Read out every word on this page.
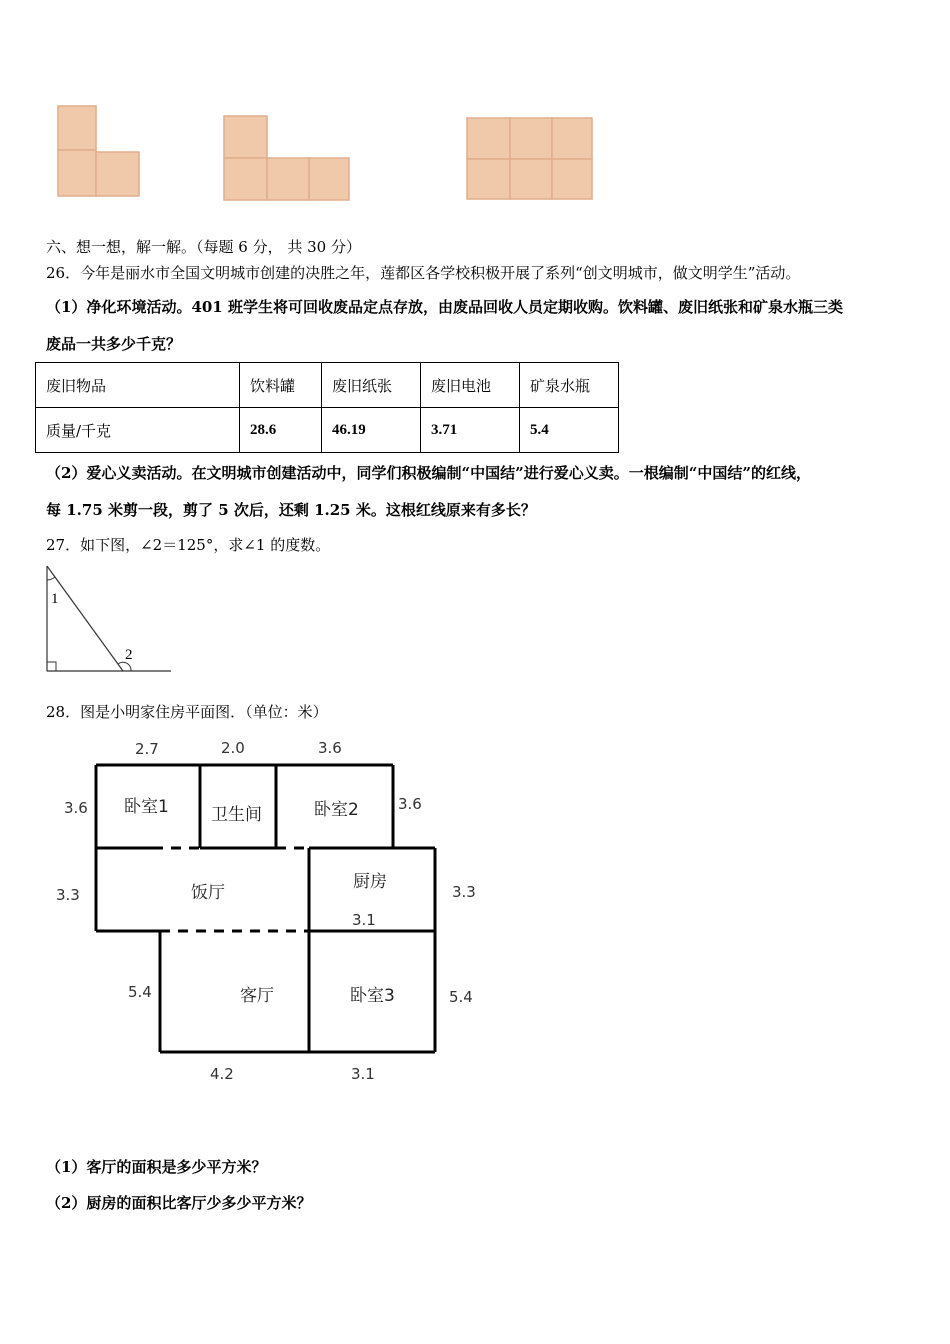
六、想一想，解一解。（每题 6 分， 共 30 分）
26．今年是丽水市全国文明城市创建的决胜之年，莲都区各学校积极开展了系列“创文明城市，做文明学生”活动。
（1）净化环境活动。401 班学生将可回收废品定点存放，由废品回收人员定期收购。饮料罐、废旧纸张和矿泉水瓶三类
废品一共多少千克？
废旧物品	饮料罐	废旧纸张	废旧电池	矿泉水瓶
质量/千克	28.6	46.19	3.71	5.4
（2）爱心义卖活动。在文明城市创建活动中，同学们积极编制“中国结”进行爱心义卖。一根编制“中国结”的红线，
每 1.75 米剪一段，剪了 5 次后，还剩 1.25 米。这根红线原来有多长？
27．如下图，∠2＝125°，求∠1 的度数。
1
2
28．图是小明家住房平面图．（单位：米）
2.7	2.0	3.6
3.6	3.6
3.3	3.3
3.1
5.4	5.4
4.2	3.1
卧室1 卫生间	卧室2
厨房
饭厅
客厅	卧室3
（1）客厅的面积是多少平方米？
（2）厨房的面积比客厅少多少平方米？
